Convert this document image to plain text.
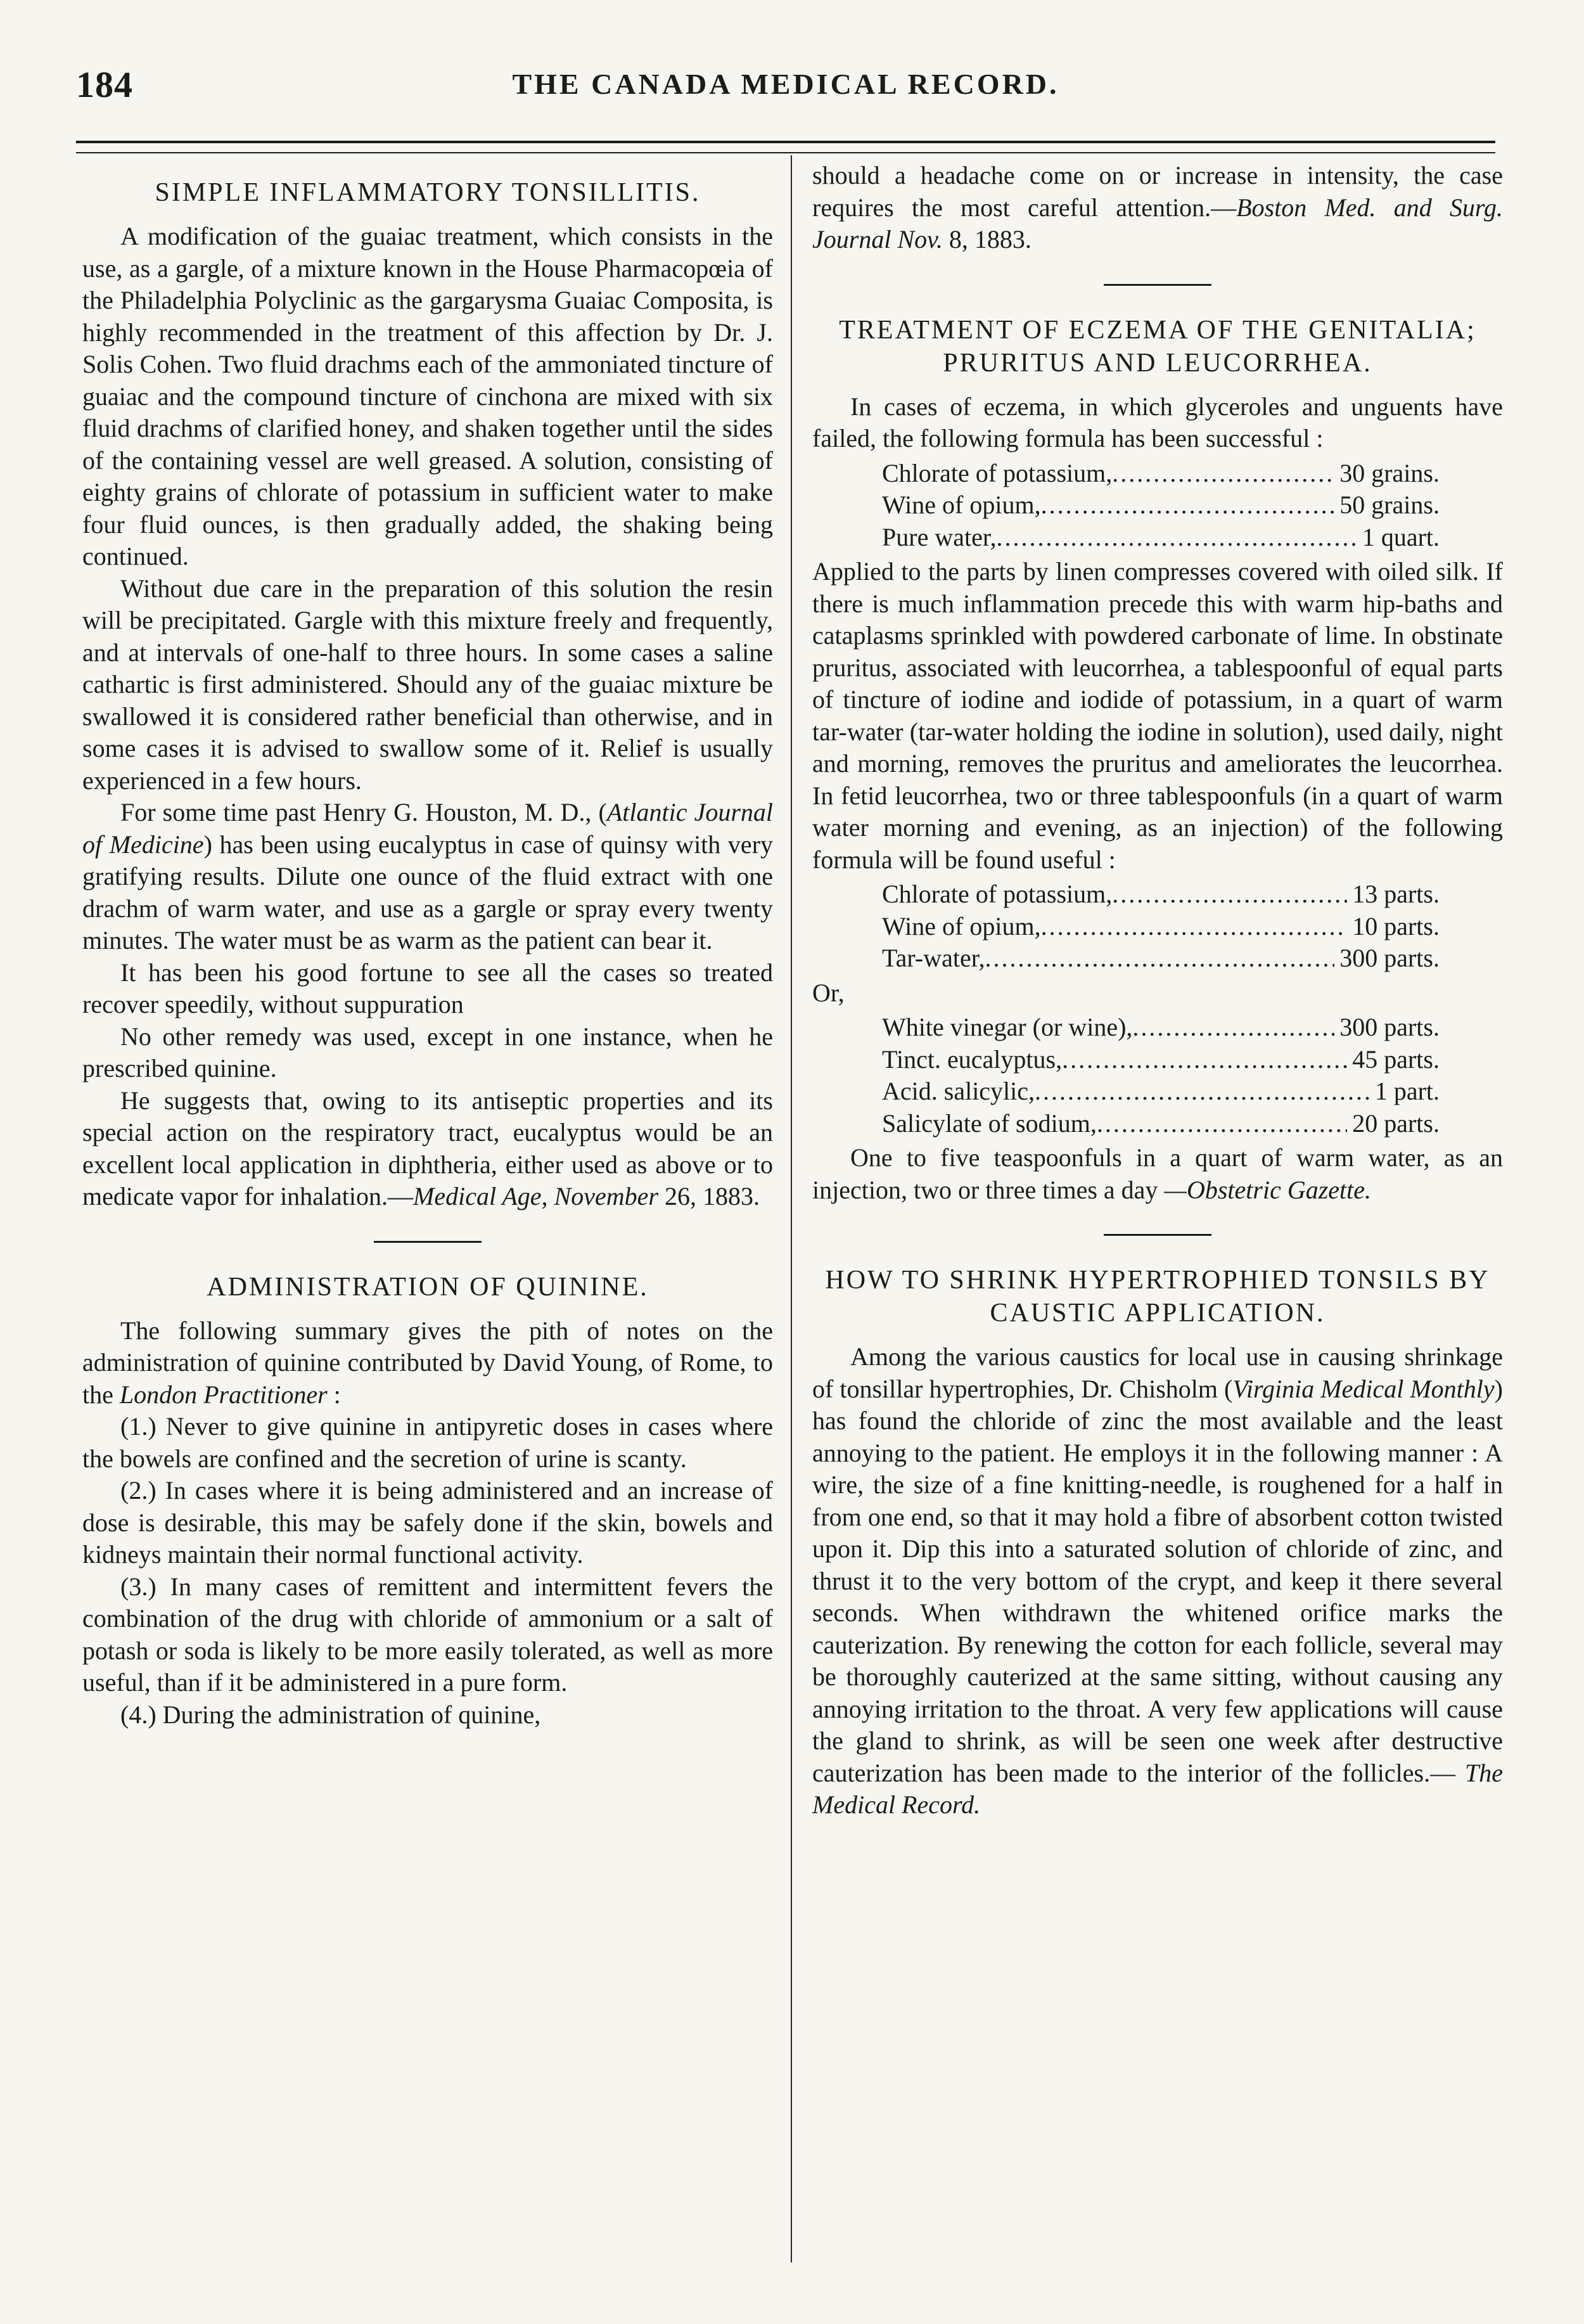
184	THE CANADA MEDICAL RECORD.
SIMPLE INFLAMMATORY TONSILLITIS.

A modification of the guaiac treatment, which consists in the use, as a gargle, of a mixture known in the House Pharmacopœia of the Philadelphia Polyclinic as the gargarysma Guaiac Composita, is highly recommended in the treatment of this affection by Dr. J. Solis Cohen. Two fluid drachms each of the ammoniated tincture of guaiac and the compound tincture of cinchona are mixed with six fluid drachms of clarified honey, and shaken together until the sides of the containing vessel are well greased. A solution, consisting of eighty grains of chlorate of potassium in sufficient water to make four fluid ounces, is then gradually added, the shaking being continued.

Without due care in the preparation of this solution the resin will be precipitated. Gargle with this mixture freely and frequently, and at intervals of one-half to three hours. In some cases a saline cathartic is first administered. Should any of the guaiac mixture be swallowed it is considered rather beneficial than otherwise, and in some cases it is advised to swallow some of it. Relief is usually experienced in a few hours.

For some time past Henry G. Houston, M. D., (Atlantic Journal of Medicine) has been using eucalyptus in case of quinsy with very gratifying results. Dilute one ounce of the fluid extract with one drachm of warm water, and use as a gargle or spray every twenty minutes. The water must be as warm as the patient can bear it.

It has been his good fortune to see all the cases so treated recover speedily, without suppuration

No other remedy was used, except in one instance, when he prescribed quinine.

He suggests that, owing to its antiseptic properties and its special action on the respiratory tract, eucalyptus would be an excellent local application in diphtheria, either used as above or to medicate vapor for inhalation.—Medical Age, November 26, 1883.

ADMINISTRATION OF QUININE.

The following summary gives the pith of notes on the administration of quinine contributed by David Young, of Rome, to the London Practitioner :

(1.) Never to give quinine in antipyretic doses in cases where the bowels are confined and the secretion of urine is scanty.

(2.) In cases where it is being administered and an increase of dose is desirable, this may be safely done if the skin, bowels and kidneys maintain their normal functional activity.

(3.) In many cases of remittent and intermittent fevers the combination of the drug with chloride of ammonium or a salt of potash or soda is likely to be more easily tolerated, as well as more useful, than if it be administered in a pure form.

(4.) During the administration of quinine,

should a headache come on or increase in intensity, the case requires the most careful attention.—Boston Med. and Surg. Journal Nov. 8, 1883.

TREATMENT OF ECZEMA OF THE GENITALIA; PRURITUS AND LEUCORRHEA.

In cases of eczema, in which glyceroles and unguents have failed, the following formula has been successful :

Chlorate of potassium, .....	30 grains.
Wine of opium, .....	50 grains.
Pure water, .....	1 quart.

Applied to the parts by linen compresses covered with oiled silk. If there is much inflammation precede this with warm hip-baths and cataplasms sprinkled with powdered carbonate of lime. In obstinate pruritus, associated with leucorrhea, a tablespoonful of equal parts of tincture of iodine and iodide of potassium, in a quart of warm tar-water (tar-water holding the iodine in solution), used daily, night and morning, removes the pruritus and ameliorates the leucorrhea. In fetid leucorrhea, two or three tablespoonfuls (in a quart of warm water morning and evening, as an injection) of the following formula will be found useful :

Chlorate of potassium, .....	13 parts.
Wine of opium, .....	10 parts.
Tar-water, .....	300 parts.

Or,

White vinegar (or wine), .....	300 parts.
Tinct. eucalyptus, .....	45 parts.
Acid. salicylic, .....	1 part.
Salicylate of sodium, .....	20 parts.

One to five teaspoonfuls in a quart of warm water, as an injection, two or three times a day —Obstetric Gazette.

HOW TO SHRINK HYPERTROPHIED TONSILS BY CAUSTIC APPLICATION.

Among the various caustics for local use in causing shrinkage of tonsillar hypertrophies, Dr. Chisholm (Virginia Medical Monthly) has found the chloride of zinc the most available and the least annoying to the patient. He employs it in the following manner : A wire, the size of a fine knitting-needle, is roughened for a half in from one end, so that it may hold a fibre of absorbent cotton twisted upon it. Dip this into a saturated solution of chloride of zinc, and thrust it to the very bottom of the crypt, and keep it there several seconds. When withdrawn the whitened orifice marks the cauterization. By renewing the cotton for each follicle, several may be thoroughly cauterized at the same sitting, without causing any annoying irritation to the throat. A very few applications will cause the gland to shrink, as will be seen one week after destructive cauterization has been made to the interior of the follicles.— The Medical Record.
